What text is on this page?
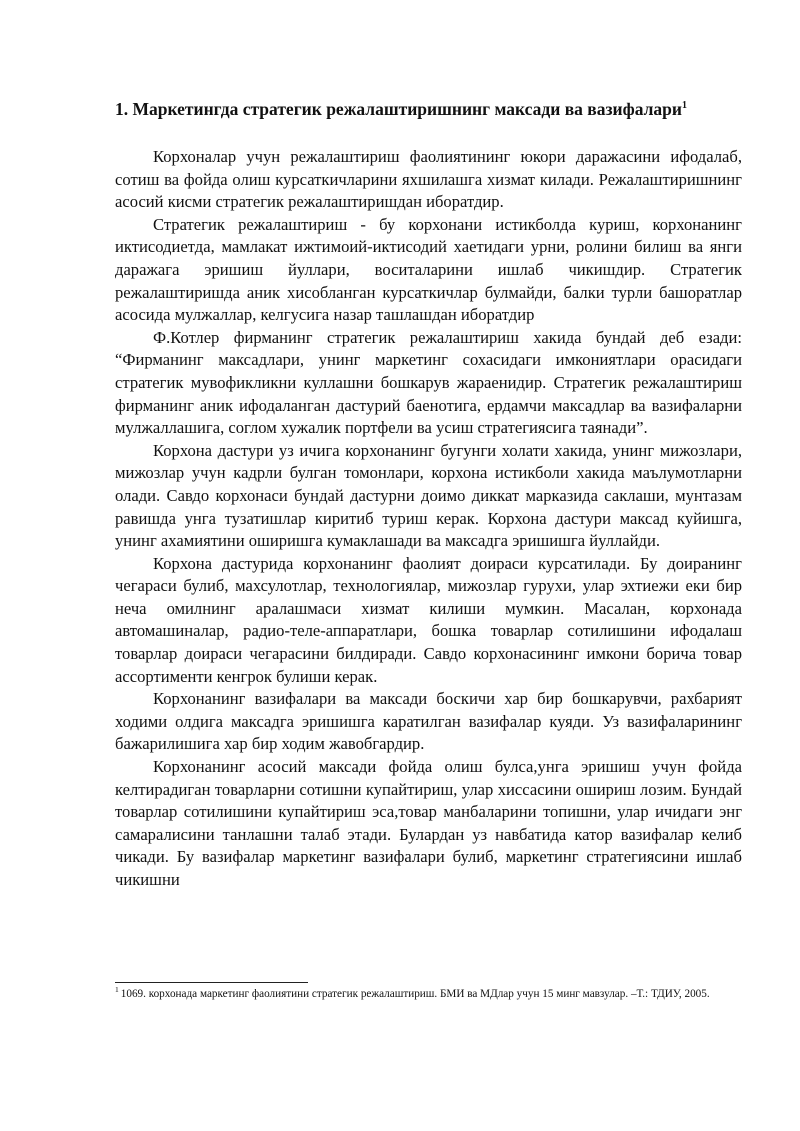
1. Маркетингда стратегик режалаштиришнинг максади ва вазифалари$^1$

Корхоналар учун режалаштириш фаолиятининг юкори даражасини ифодалаб, сотиш ва фойда олиш курсаткичларини яхшилашга хизмат килади. Режалаштиришнинг асосий кисми стратегик режалаштиришдан иборатдир.

Стратегик режалаштириш - бу корхонани истикболда куриш, корхонанинг иктисодиетда, мамлакат ижтимоий-иктисодий хаетидаги урни, ролини билиш ва янги даражага эришиш йуллари, воситаларини ишлаб чикишдир. Стратегик режалаштиришда аник хисобланган курсаткичлар булмайди, балки турли башоратлар асосида мулжаллар, келгусига назар ташлашдан иборатдир

Ф.Котлер фирманинг стратегик режалаштириш хакида бундай деб езади: “Фирманинг максадлари, унинг маркетинг сохасидаги имкониятлари орасидаги стратегик мувофикликни куллашни бошкарув жараенидир. Стратегик режалаштириш фирманинг аник ифодаланган дастурий баенотига, ердамчи максадлар ва вазифаларни мулжаллашига, соглом хужалик портфели ва усиш стратегиясига таянади”.

Корхона дастури уз ичига корхонанинг бугунги холати хакида, унинг мижозлари, мижозлар учун кадрли булган томонлари, корхона истикболи хакида маълумотларни олади. Савдо корхонаси бундай дастурни доимо диккат марказида саклаши, мунтазам равишда унга тузатишлар киритиб туриш керак. Корхона дастури максад куйишга, унинг ахамиятини оширишга кумаклашади ва максадга эришишга йуллайди.

Корхона дастурида корхонанинг фаолият доираси курсатилади. Бу доиранинг чегараси булиб, махсулотлар, технологиялар, мижозлар гурухи, улар эхтиежи еки бир неча омилнинг аралашмаси хизмат килиши мумкин. Масалан, корхонада автомашиналар, радио-теле-аппаратлари, бошка товарлар сотилишини ифодалаш товарлар доираси чегарасини билдиради. Савдо корхонасининг имкони борича товар ассортименти кенгрок булиши керак.

Корхонанинг вазифалари ва максади боскичи хар бир бошкарувчи, рахбарият ходими олдига максадга эришишга каратилган вазифалар куяди. Уз вазифаларининг бажарилишига хар бир ходим жавобгардир.

Корхонанинг асосий максади фойда олиш булса,унга эришиш учун фойда келтирадиган товарларни сотишни купайтириш, улар хиссасини ошириш лозим. Бундай товарлар сотилишини купайтириш эса,товар манбаларини топишни, улар ичидаги энг самаралисини танлашни талаб этади. Булардан уз навбатида катор вазифалар келиб чикади. Бу вазифалар маркетинг вазифалари булиб, маркетинг стратегиясини ишлаб чикишни

$^1$ 1069. корхонада маркетинг фаолиятини стратегик режалаштириш. БМИ ва МДлар учун 15 минг мавзулар. –Т.: ТДИУ, 2005.
